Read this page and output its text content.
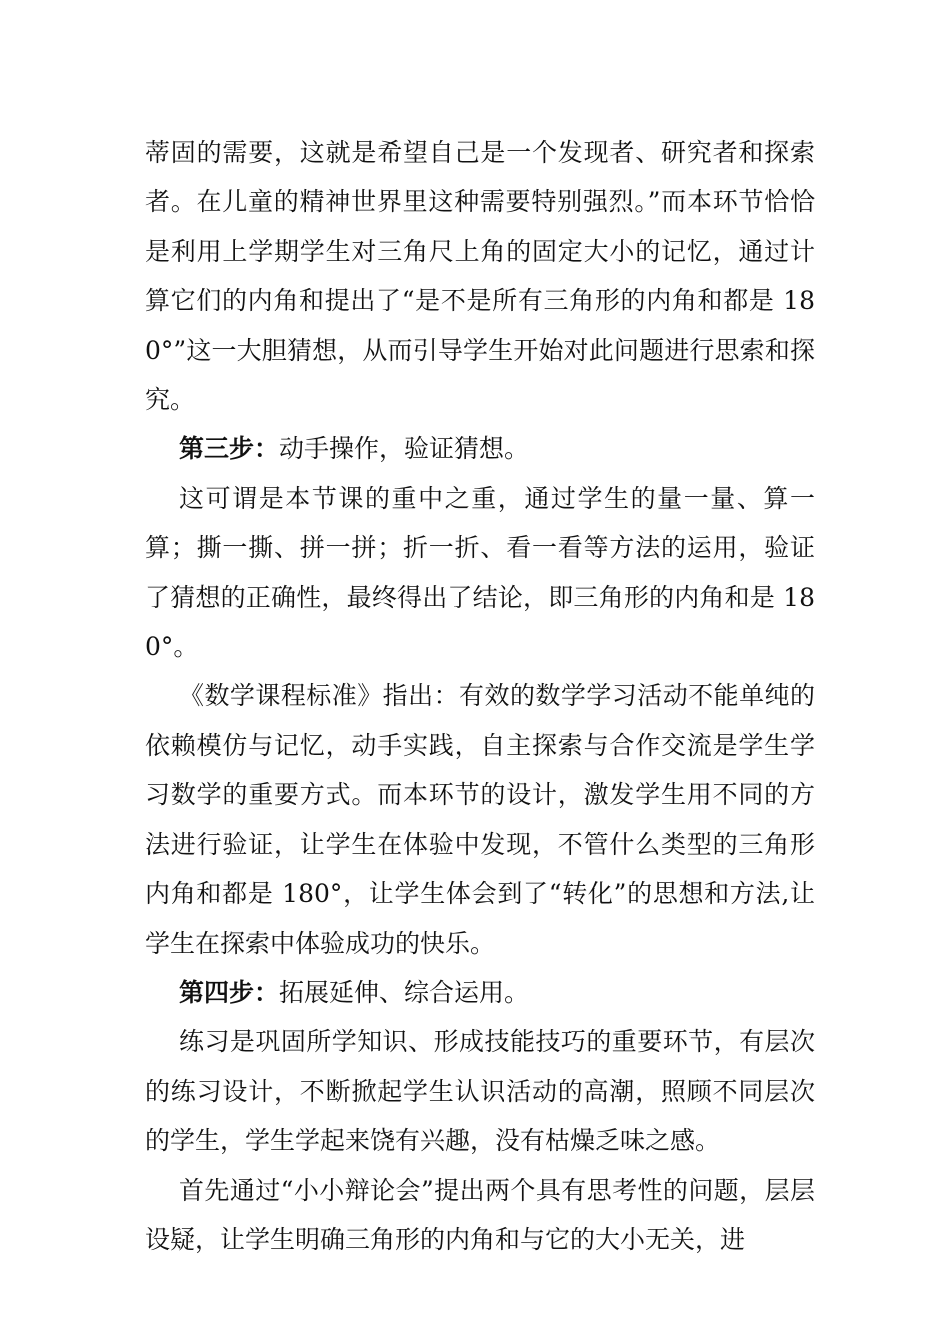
蒂固的需要，这就是希望自己是一个发现者、研究者和探索者。在儿童的精神世界里这种需要特别强烈。”而本环节恰恰是利用上学期学生对三角尺上角的固定大小的记忆，通过计算它们的内角和提出了“是不是所有三角形的内角和都是 180°”这一大胆猜想，从而引导学生开始对此问题进行思索和探究。

第三步：动手操作，验证猜想。

这可谓是本节课的重中之重，通过学生的量一量、算一算；撕一撕、拼一拼；折一折、看一看等方法的运用，验证了猜想的正确性，最终得出了结论，即三角形的内角和是 180°。

《数学课程标准》指出：有效的数学学习活动不能单纯的依赖模仿与记忆，动手实践，自主探索与合作交流是学生学习数学的重要方式。而本环节的设计，激发学生用不同的方法进行验证，让学生在体验中发现，不管什么类型的三角形内角和都是 180°，让学生体会到了“转化”的思想和方法,让学生在探索中体验成功的快乐。

第四步：拓展延伸、综合运用。

练习是巩固所学知识、形成技能技巧的重要环节，有层次的练习设计，不断掀起学生认识活动的高潮，照顾不同层次的学生，学生学起来饶有兴趣，没有枯燥乏味之感。

首先通过“小小辩论会”提出两个具有思考性的问题，层层设疑，让学生明确三角形的内角和与它的大小无关，进
